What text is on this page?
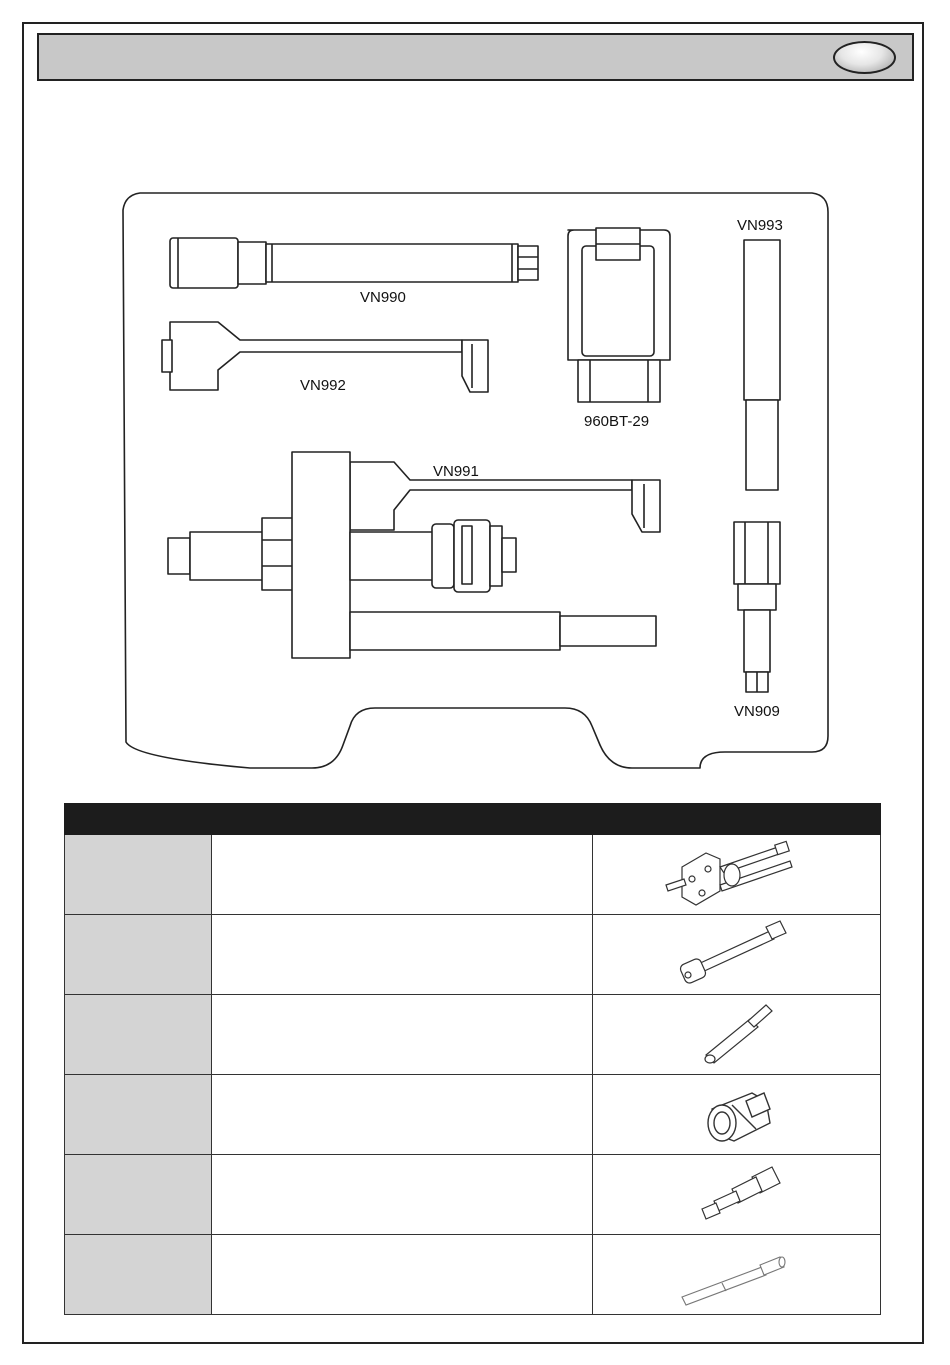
VN990
VN992
960BT-29
VN993
VN991
VN909
